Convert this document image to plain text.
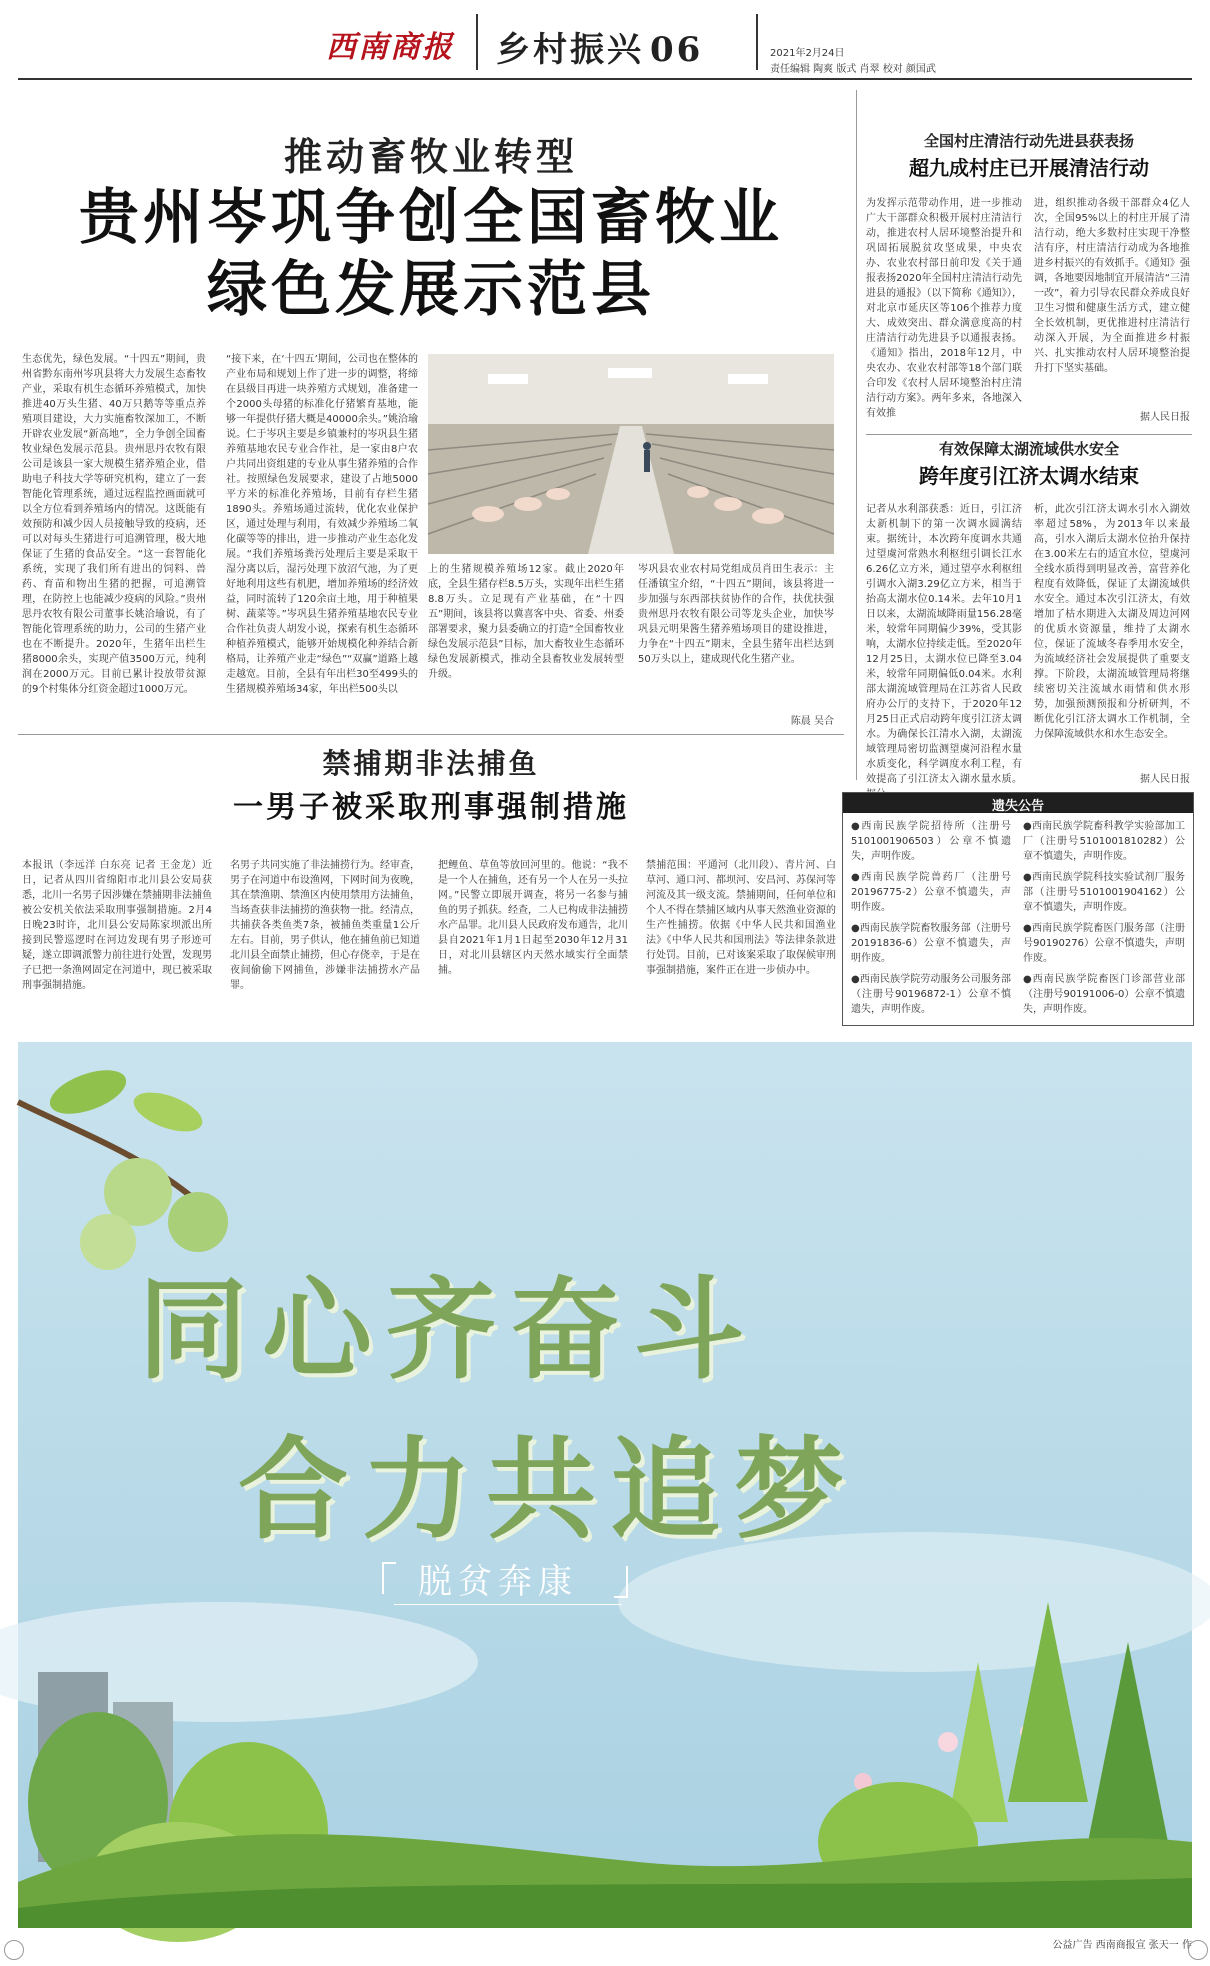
西南商报 乡村振兴 06	2021年2月24日
责任编辑 陶爽 版式 肖翠 校对 颜国武
推动畜牧业转型
贵州岑巩争创全国畜牧业
绿色发展示范县
生态优先，绿色发展。“十四五”期间，贵州省黔东南州岑巩县将大力发展生态畜牧产业，采取有机生态循环养殖模式，加快推进40万头生猪、40万只鹅等等重点养殖项目建设，大力实施畜牧深加工，不断开辟农业发展“新高地”，全力争创全国畜牧业绿色发展示范县。贵州思丹农牧有限公司是该县一家大规模生猪养殖企业，借助电子科技大学等研究机构，建立了一套智能化管理系统，通过远程监控画面就可以全方位看到养殖场内的情况。这既能有效预防和减少因人员接触导致的疫病，还可以对每头生猪进行可追溯管理，极大地保证了生猪的食品安全。“这一套智能化系统，实现了我们所有进出的饲料、兽药、育苗和物出生猪的把握，可追溯管理，在防控上也能减少疫病的风险。”贵州思丹农牧有限公司董事长姚洽瑜说，有了智能化管理系统的助力，公司的生猪产业也在不断提升。2020年，生猪年出栏生猪8000余头，实现产值3500万元，纯利润在2000万元。目前已累计投放带贫源的9个村集体分红资金超过1000万元。
“接下来，在‘十四五’期间，公司也在整体的产业布局和规划上作了进一步的调整，将缔在县级目再进一块养殖方式规划，准备建一个2000头母猪的标准化仔猪繁育基地，能够一年提供仔猪大概是40000余头。”姚洽瑜说。仁于岑巩主要是乡镇兼村的岑巩县生猪养殖基地农民专业合作社，是一家由8户农户共同出资组建的专业从事生猪养殖的合作社。按照绿色发展要求，建设了占地5000平方米的标准化养殖场，目前有存栏生猪1890头。养殖场通过流转，优化农业保护区，通过处理与利用，有效减少养殖场二氧化碳等等的排出，进一步推动产业生态化发展。“我们养殖场粪污处理后主要是采取干湿分离以后，湿污处理下放沼气池，为了更好地利用这些有机肥，增加养殖场的经济效益，同时流转了120余亩土地，用于种植果树、蔬菜等。”岑巩县生猪养殖基地农民专业合作社负责人胡发小说，探索有机生态循环种植养殖模式，能够开始规模化种养结合新格局，让养殖产业走“绿色”“双赢”道路上越走越宽。目前，全县有年出栏30至499头的生猪规模养殖场34家，年出栏500头以
上的生猪规模养殖场12家。截止2020年底，全县生猪存栏8.5万头，实现年出栏生猪8.8万头。立足现有产业基础，在“十四五”期间，该县将以冀喜客中央、省委、州委部署要求，聚力县委确立的打造“全国畜牧业绿色发展示范县”目标，加大畜牧业生态循环绿色发展新模式，推动全县畜牧业发展转型升级。
岑巩县农业农村局党组成员肖田生表示：主任潘镇宝介绍，“十四五”期间，该县将进一步加强与东西部扶贫协作的合作，扶优扶强贵州思丹农牧有限公司等龙头企业，加快岑巩县元明果酱生猪养殖场项目的建设推进，力争在“十四五”期末，全县生猪年出栏达到50万头以上，建成现代化生猪产业。
陈晨 吴合
全国村庄清洁行动先进县获表扬
超九成村庄已开展清洁行动
为发挥示范带动作用，进一步推动广大干部群众积极开展村庄清洁行动，推进农村人居环境整治提升和巩固拓展脱贫攻坚成果，中央农办、农业农村部日前印发《关于通报表扬2020年全国村庄清洁行动先进县的通报》（以下简称《通知》），对北京市延庆区等106个推荐力度大、成效突出、群众满意度高的村庄清洁行动先进县予以通报表扬。《通知》指出，2018年12月，中央农办、农业农村部等18个部门联合印发《农村人居环境整治村庄清洁行动方案》。两年多来，各地深入有效推
进，组织推动各级干部群众4亿人次，全国95%以上的村庄开展了清洁行动，绝大多数村庄实现干净整洁有序，村庄清洁行动成为各地推进乡村振兴的有效抓手。《通知》强调，各地要因地制宜开展清洁“三清一改”，着力引导农民群众养成良好卫生习惯和健康生活方式，建立健全长效机制，更优推进村庄清洁行动深入开展，为全面推进乡村振兴、扎实推动农村人居环境整治提升打下坚实基础。
据人民日报
有效保障太湖流域供水安全
跨年度引江济太调水结束
记者从水利部获悉：近日，引江济太新机制下的第一次调水圆满结束。据统计，本次跨年度调水共通过望虞河常熟水利枢纽引调长江水6.26亿立方米，通过望亭水利枢纽引调水入湖3.29亿立方米，相当于抬高太湖水位0.14米。去年10月1日以来，太湖流域降雨量156.28毫米，较常年同期偏少39%，受其影响，太湖水位持续走低。至2020年12月25日，太湖水位已降至3.04米，较常年同期偏低0.04米。水利部太湖流域管理局在江苏省人民政府办公厅的支持下，于2020年12月25日正式启动跨年度引江济太调水。为确保长江清水入湖，太湖流域管理局密切监测望虞河沿程水量水质变化，科学调度水利工程，有效提高了引江济太入湖水量水质。
析，此次引江济太调水引水入湖效率超过58%，为2013年以来最高，引水入湖后太湖水位抬升保持在3.00米左右的适宜水位，望虞河全线水质得到明显改善，富营养化程度有效降低，保证了太湖流域供水安全。通过本次引江济太，有效增加了枯水期进入太湖及周边河网的优质水资源量，维持了太湖水位，保证了流域冬春季用水安全，为流域经济社会发展提供了重要支撑。下阶段，太湖流域管理局将继续密切关注流域水雨情和供水形势，加强预测预报和分析研判，不断优化引江济太调水工作机制，全力保障流域供水和水生态安全。
据人民日报
禁捕期非法捕鱼
一男子被采取刑事强制措施
本报讯（李远洋 白东亮 记者 王金龙）近日，记者从四川省绵阳市北川县公安局获悉，北川一名男子因涉嫌在禁捕期非法捕鱼被公安机关依法采取刑事强制措施。2月4日晚23时许，北川县公安局陈家坝派出所接到民警巡逻时在河边发现有男子形迹可疑，遂立即调派警力前往进行处置，发现男子已把一条渔网固定在河道中，现已被采取刑事强制措施。
名男子共同实施了非法捕捞行为。经审查，男子在河道中布设渔网，下网时间为夜晚，其在禁渔期、禁渔区内使用禁用方法捕鱼，当场查获非法捕捞的渔获物一批。经清点，共捕获各类鱼类7条，被捕鱼类重量1公斤左右。目前，男子供认，他在捕鱼前已知道北川县全面禁止捕捞，但心存侥幸，于是在夜间偷偷下网捕鱼，涉嫌非法捕捞水产品罪。
把鲤鱼、草鱼等放回河里的。他说：“我不是一个人在捕鱼，还有另一个人在另一头拉网。”民警立即展开调查，将另一名参与捕鱼的男子抓获。经查，二人已构成非法捕捞水产品罪。北川县人民政府发布通告，北川县自2021年1月1日起至2030年12月31日，对北川县辖区内天然水域实行全面禁捕。
禁捕范围：平通河（北川段）、青片河、白草河、通口河、都坝河、安昌河、苏保河等河流及其一级支流。禁捕期间，任何单位和个人不得在禁捕区域内从事天然渔业资源的生产性捕捞。依据《中华人民共和国渔业法》《中华人民共和国刑法》等法律条款进行处罚。目前，已对该案采取了取保候审刑事强制措施，案件正在进一步侦办中。
遗失公告
●西南民族学院招待所（注册号5101001906503）公章不慎遗失，声明作废。
●西南民族学院兽药厂（注册号20196775-2）公章不慎遗失，声明作废。
●西南民族学院畜牧服务部（注册号20191836-6）公章不慎遗失，声明作废。
●西南民族学院劳动服务公司服务部（注册号90196872-1）公章不慎遗失，声明作废。
●西南民族学院畜科教学实验部加工厂（注册号5101001810282）公章不慎遗失，声明作废。
●西南民族学院科技实验试剂厂服务部（注册号5101001904162）公章不慎遗失，声明作废。
●西南民族学院畜医门服务部（注册号90190276）公章不慎遗失，声明作废。
●西南民族学院畜医门诊部营业部（注册号90191006-0）公章不慎遗失，声明作废。
同心齐奋斗
合力共追梦
脱贫奔康
公益广告 西南商报宣 张天一 作
